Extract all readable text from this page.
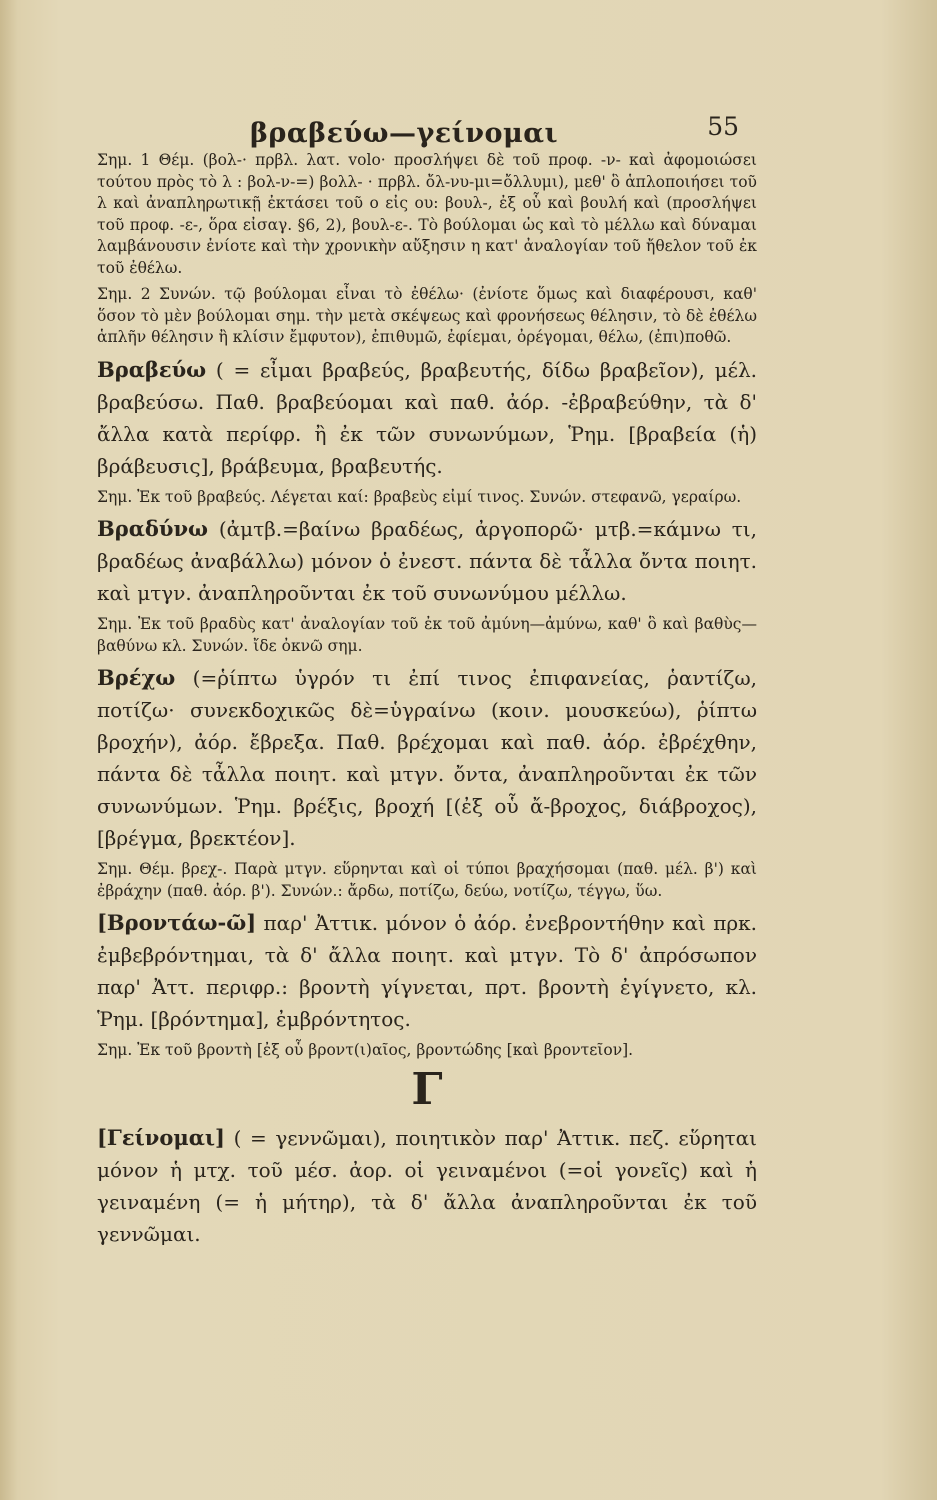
βραβεύω—γείνομαι	55

Σημ. 1 Θέμ. (βολ-· πρβλ. λατ. volo· προσλήψει δὲ τοῦ προφ. -ν- καὶ ἀφομοιώσει τούτου πρὸς τὸ λ : βολ-ν-=) βολλ- · πρβλ. ὄλ-νυ-μι=ὄλλυμι), μεθ' ὃ ἁπλοποιήσει τοῦ λ καὶ ἀναπληρωτικῇ ἐκτάσει τοῦ ο εἰς ου: βουλ-, ἐξ οὗ καὶ βουλή καὶ (προσλήψει τοῦ προφ. -ε-, ὅρα εἰσαγ. §6, 2), βουλ-ε-. Τὸ βούλομαι ὡς καὶ τὸ μέλλω καὶ δύναμαι λαμβάνουσιν ἐνίοτε καὶ τὴν χρονικὴν αὔξησιν η κατ' ἀναλογίαν τοῦ ἤθελον τοῦ ἐκ τοῦ ἐθέλω.

Σημ. 2 Συνών. τῷ βούλομαι εἶναι τὸ ἐθέλω· (ἐνίοτε ὅμως καὶ διαφέρουσι, καθ' ὅσον τὸ μὲν βούλομαι σημ. τὴν μετὰ σκέψεως καὶ φρονήσεως θέλησιν, τὸ δὲ ἐθέλω ἁπλῆν θέλησιν ἢ κλίσιν ἔμφυτον), ἐπιθυμῶ, ἐφίεμαι, ὀρέγομαι, θέλω, (ἐπι)ποθῶ.

Βραβεύω ( = εἶμαι βραβεύς, βραβευτής, δίδω βραβεῖον), μέλ. βραβεύσω. Παθ. βραβεύομαι καὶ παθ. ἀόρ. -ἐβραβεύθην, τὰ δ' ἄλλα κατὰ περίφρ. ἢ ἐκ τῶν συνωνύμων, Ῥημ. [βραβεία (ἡ) βράβευσις], βράβευμα, βραβευτής.

Σημ. Ἐκ τοῦ βραβεύς. Λέγεται καί: βραβεὺς εἰμί τινος. Συνών. στεφανῶ, γεραίρω.

Βραδύνω (ἀμτβ.=βαίνω βραδέως, ἀργοπορῶ· μτβ.=κάμνω τι, βραδέως ἀναβάλλω) μόνον ὁ ἐνεστ. πάντα δὲ τἆλλα ὄντα ποιητ. καὶ μτγν. ἀναπληροῦνται ἐκ τοῦ συνωνύμου μέλλω.

Σημ. Ἐκ τοῦ βραδὺς κατ' ἀναλογίαν τοῦ ἐκ τοῦ ἀμύνη—ἀμύνω, καθ' ὃ καὶ βαθὺς—βαθύνω κλ. Συνών. ἴδε ὀκνῶ σημ.

Βρέχω (=ῥίπτω ὑγρόν τι ἐπί τινος ἐπιφανείας, ῥαντίζω, ποτίζω· συνεκδοχικῶς δὲ=ὑγραίνω (κοιν. μουσκεύω), ῥίπτω βροχήν), ἀόρ. ἔβρεξα. Παθ. βρέχομαι καὶ παθ. ἀόρ. ἐβρέχθην, πάντα δὲ τἆλλα ποιητ. καὶ μτγν. ὄντα, ἀναπληροῦνται ἐκ τῶν συνωνύμων. Ῥημ. βρέξις, βροχή [(ἐξ οὗ ἄ-βροχος, διάβροχος), [βρέγμα, βρεκτέον].

Σημ. Θέμ. βρεχ-. Παρὰ μτγν. εὕρηνται καὶ οἱ τύποι βραχήσομαι (παθ. μέλ. β') καὶ ἐβράχην (παθ. ἀόρ. β'). Συνών.: ἄρδω, ποτίζω, δεύω, νοτίζω, τέγγω, ὕω.

[Βροντάω-ῶ] παρ' Ἀττικ. μόνον ὁ ἀόρ. ἐνεβροντήθην καὶ πρκ. ἐμβεβρόντημαι, τὰ δ' ἄλλα ποιητ. καὶ μτγν. Τὸ δ' ἀπρόσωπον παρ' Ἀττ. περιφρ.: βροντὴ γίγνεται, πρτ. βροντὴ ἐγίγνετο, κλ. Ῥημ. [βρόντημα], ἐμβρόντητος.

Σημ. Ἐκ τοῦ βροντὴ [ἐξ οὗ βροντ(ι)αῖος, βροντώδης [καὶ βροντεῖον].

Γ

[Γείνομαι] ( = γεννῶμαι), ποιητικὸν παρ' Ἀττικ. πεζ. εὕρηται μόνον ἡ μτχ. τοῦ μέσ. ἀορ. οἱ γειναμένοι (=οἱ γονεῖς) καὶ ἡ γειναμένη (= ἡ μήτηρ), τὰ δ' ἄλλα ἀναπληροῦνται ἐκ τοῦ γεννῶμαι.
